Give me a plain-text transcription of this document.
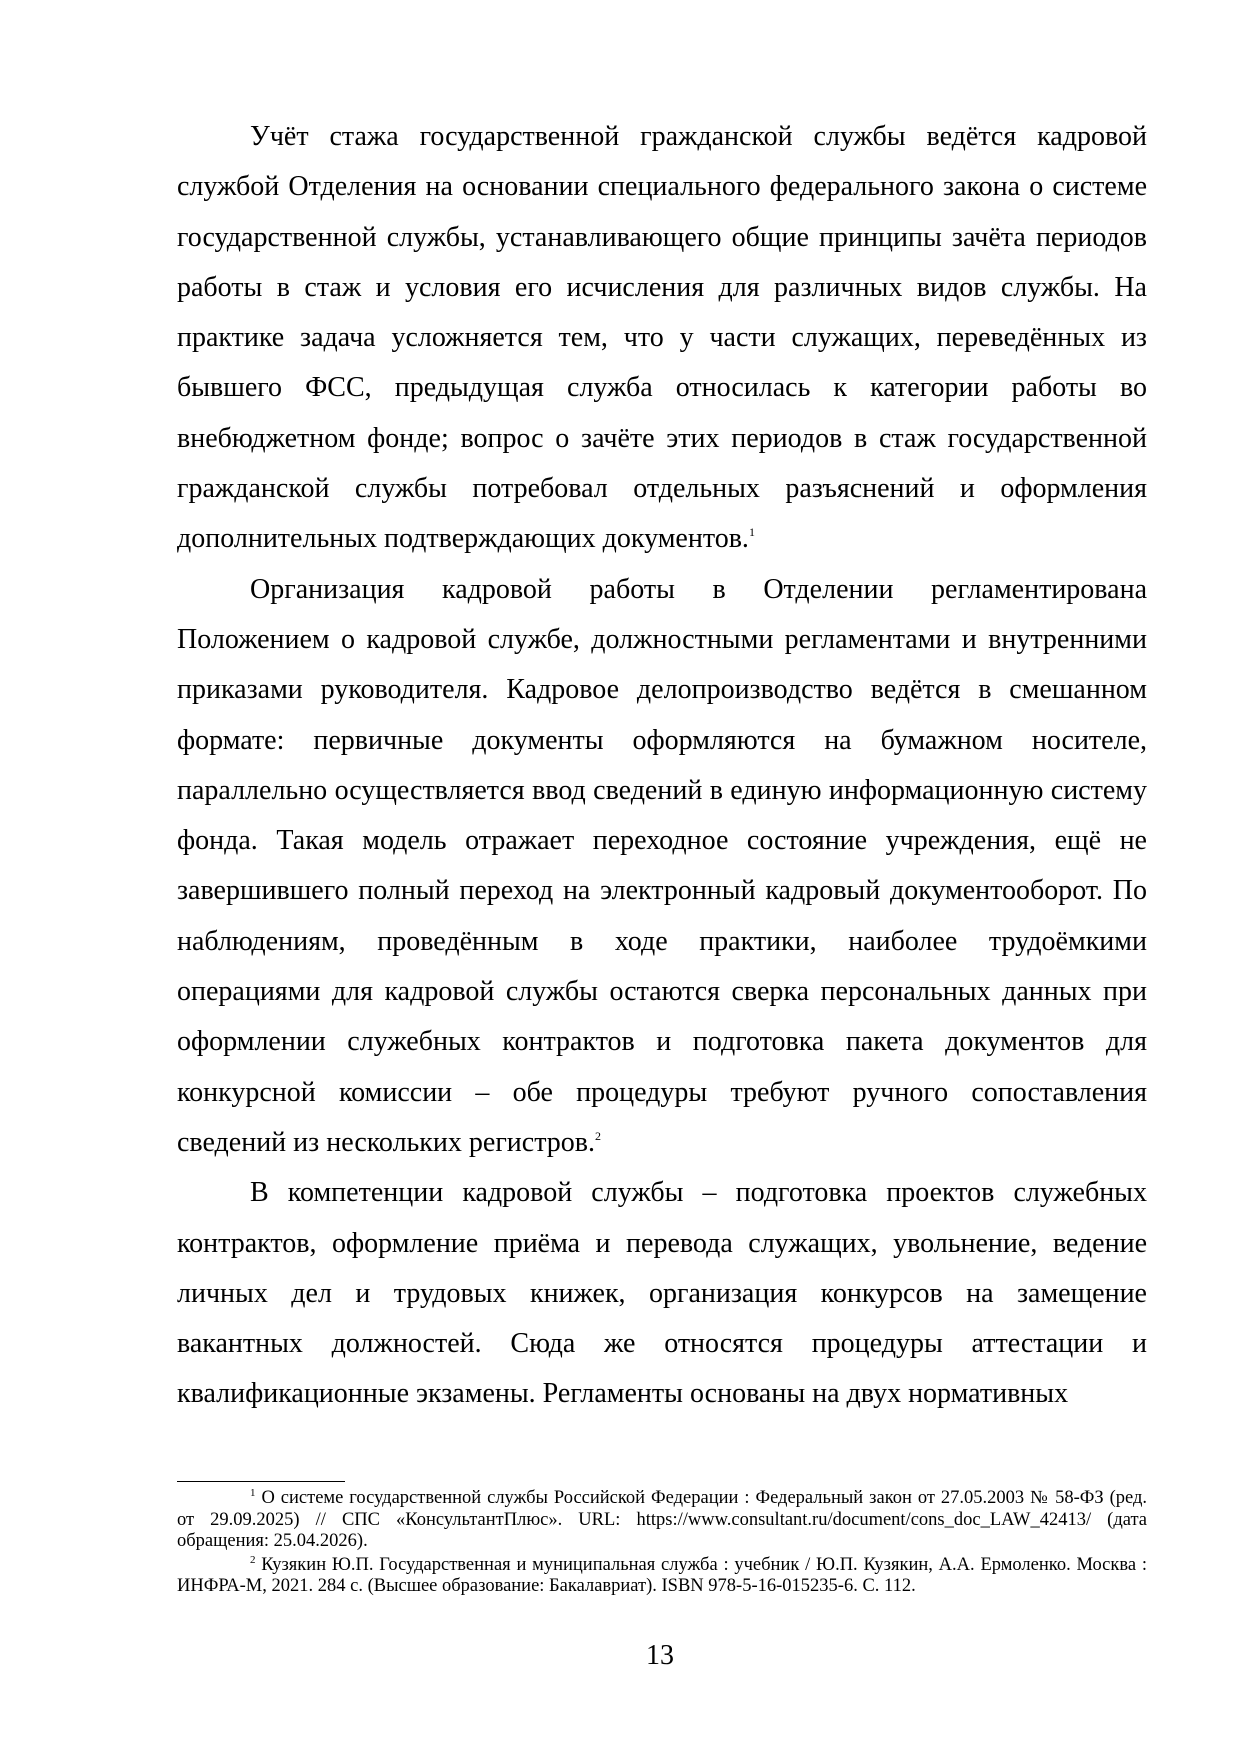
Учёт стажа государственной гражданской службы ведётся кадровой службой Отделения на основании специального федерального закона о системе государственной службы, устанавливающего общие принципы зачёта периодов работы в стаж и условия его исчисления для различных видов службы. На практике задача усложняется тем, что у части служащих, переведённых из бывшего ФСС, предыдущая служба относилась к категории работы во внебюджетном фонде; вопрос о зачёте этих периодов в стаж государственной гражданской службы потребовал отдельных разъяснений и оформления дополнительных подтверждающих документов.$^1$

Организация кадровой работы в Отделении регламентирована Положением о кадровой службе, должностными регламентами и внутренними приказами руководителя. Кадровое делопроизводство ведётся в смешанном формате: первичные документы оформляются на бумажном носителе, параллельно осуществляется ввод сведений в единую информационную систему фонда. Такая модель отражает переходное состояние учреждения, ещё не завершившего полный переход на электронный кадровый документооборот. По наблюдениям, проведённым в ходе практики, наиболее трудоёмкими операциями для кадровой службы остаются сверка персональных данных при оформлении служебных контрактов и подготовка пакета документов для конкурсной комиссии – обе процедуры требуют ручного сопоставления сведений из нескольких регистров.$^2$

В компетенции кадровой службы – подготовка проектов служебных контрактов, оформление приёма и перевода служащих, увольнение, ведение личных дел и трудовых книжек, организация конкурсов на замещение вакантных должностей. Сюда же относятся процедуры аттестации и квалификационные экзамены. Регламенты основаны на двух нормативных

$^1$ О системе государственной службы Российской Федерации : Федеральный закон от 27.05.2003 № 58-ФЗ (ред. от 29.09.2025) // СПС «КонсультантПлюс». URL: https://www.consultant.ru/document/cons_doc_LAW_42413/ (дата обращения: 25.04.2026).

$^2$ Кузякин Ю.П. Государственная и муниципальная служба : учебник / Ю.П. Кузякин, А.А. Ермоленко. Москва : ИНФРА-М, 2021. 284 с. (Высшее образование: Бакалавриат). ISBN 978-5-16-015235-6. С. 112.

13
